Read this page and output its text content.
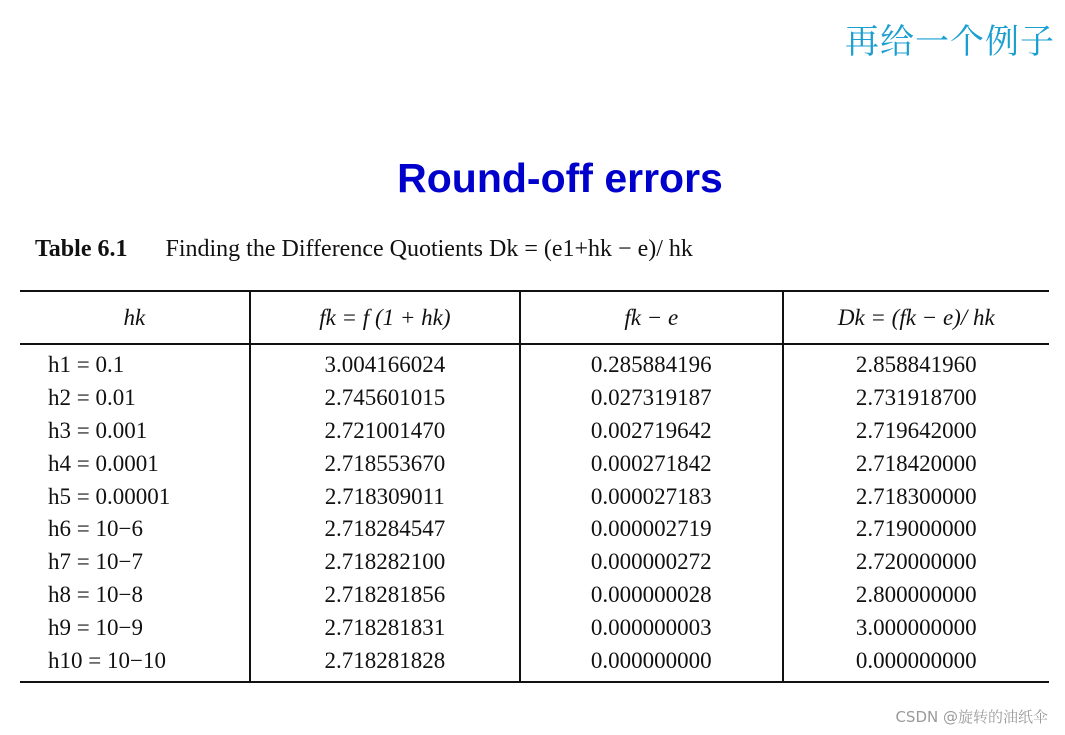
再给一个例子
Round-off errors
Table 6.1 Finding the Difference Quotients Dk = (e1+hk − e)/ hk
hk	fk = f (1 + hk)	fk − e	Dk = (fk − e)/ hk
h1 = 0.1	3.004166024	0.285884196	2.858841960
h2 = 0.01	2.745601015	0.027319187	2.731918700
h3 = 0.001	2.721001470	0.002719642	2.719642000
h4 = 0.0001	2.718553670	0.000271842	2.718420000
h5 = 0.00001	2.718309011	0.000027183	2.718300000
h6 = 10−6	2.718284547	0.000002719	2.719000000
h7 = 10−7	2.718282100	0.000000272	2.720000000
h8 = 10−8	2.718281856	0.000000028	2.800000000
h9 = 10−9	2.718281831	0.000000003	3.000000000
h10 = 10−10	2.718281828	0.000000000	0.000000000
CSDN @旋转的油纸伞
